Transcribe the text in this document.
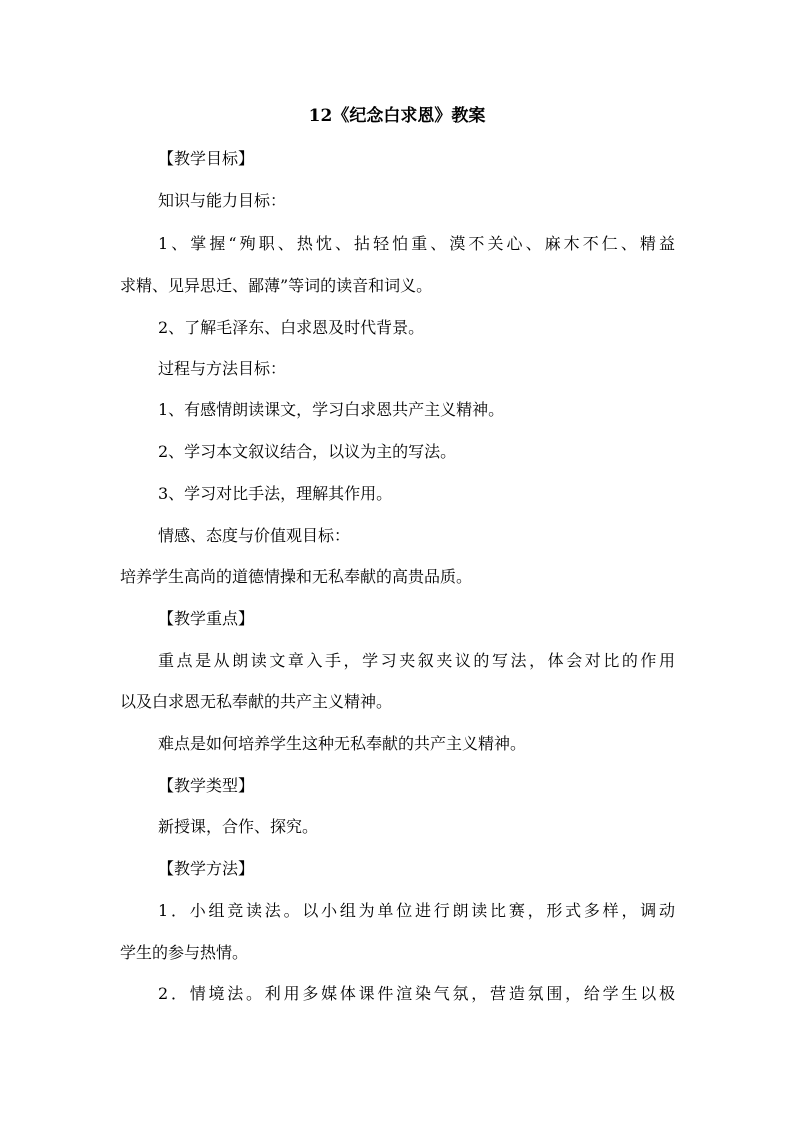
12《纪念白求恩》教案
【教学目标】
知识与能力目标：
1、掌握“殉职、热忱、拈轻怕重、漠不关心、麻木不仁、精益
求精、见异思迁、鄙薄”等词的读音和词义。
2、了解毛泽东、白求恩及时代背景。
过程与方法目标：
1、有感情朗读课文，学习白求恩共产主义精神。
2、学习本文叙议结合，以议为主的写法。
3、学习对比手法，理解其作用。
情感、态度与价值观目标：
培养学生高尚的道德情操和无私奉献的高贵品质。
【教学重点】
重点是从朗读文章入手，学习夹叙夹议的写法，体会对比的作用
以及白求恩无私奉献的共产主义精神。
难点是如何培养学生这种无私奉献的共产主义精神。
【教学类型】
新授课，合作、探究。
【教学方法】
1．小组竞读法。以小组为单位进行朗读比赛，形式多样，调动
学生的参与热情。
2．情境法。利用多媒体课件渲染气氛，营造氛围，给学生以极
